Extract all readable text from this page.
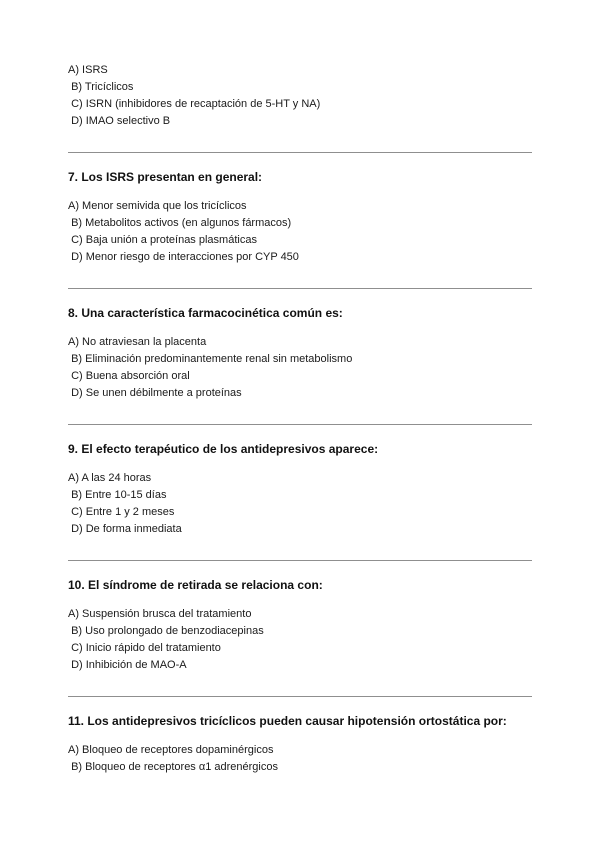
A) ISRS

B) Tricíclicos

C) ISRN (inhibidores de recaptación de 5-HT y NA)

D) IMAO selectivo B

7. Los ISRS presentan en general:

A) Menor semivida que los tricíclicos

B) Metabolitos activos (en algunos fármacos)

C) Baja unión a proteínas plasmáticas

D) Menor riesgo de interacciones por CYP 450

8. Una característica farmacocinética común es:

A) No atraviesan la placenta

B) Eliminación predominantemente renal sin metabolismo

C) Buena absorción oral

D) Se unen débilmente a proteínas

9. El efecto terapéutico de los antidepresivos aparece:

A) A las 24 horas

B) Entre 10-15 días

C) Entre 1 y 2 meses

D) De forma inmediata

10. El síndrome de retirada se relaciona con:

A) Suspensión brusca del tratamiento

B) Uso prolongado de benzodiacepinas

C) Inicio rápido del tratamiento

D) Inhibición de MAO-A

11. Los antidepresivos tricíclicos pueden causar hipotensión ortostática por:

A) Bloqueo de receptores dopaminérgicos

B) Bloqueo de receptores α1 adrenérgicos
